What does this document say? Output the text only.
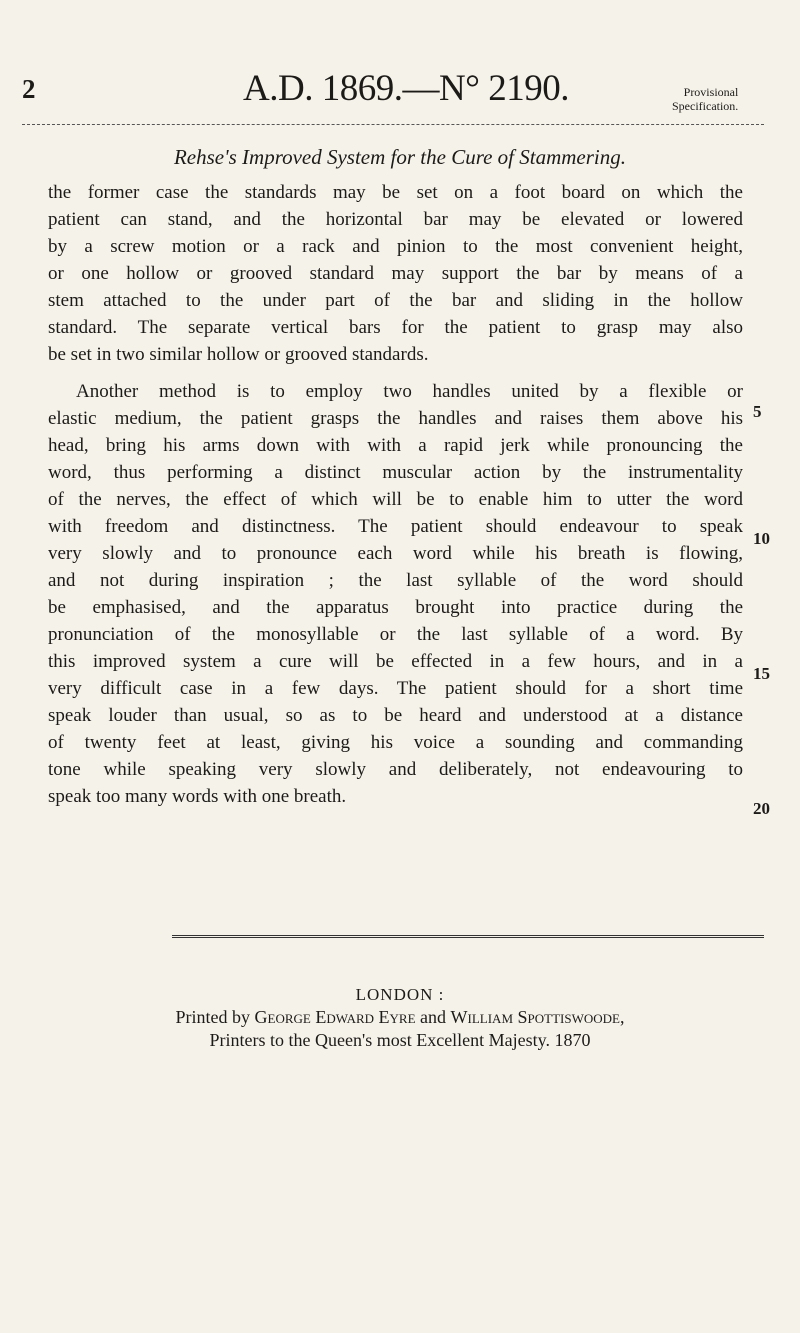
2	A.D. 1869.—N° 2190.	Provisional
Specification.
Rehse's Improved System for the Cure of Stammering.
the former case the standards may be set on a foot board on which the
patient can stand, and the horizontal bar may be elevated or lowered
by a screw motion or a rack and pinion to the most convenient height,
or one hollow or grooved standard may support the bar by means of a
stem attached to the under part of the bar and sliding in the hollow
standard. The separate vertical bars for the patient to grasp may also
be set in two similar hollow or grooved standards.
Another method is to employ two handles united by a flexible or
elastic medium, the patient grasps the handles and raises them above his
head, bring his arms down with with a rapid jerk while pronouncing the
word, thus performing a distinct muscular action by the instrumentality
of the nerves, the effect of which will be to enable him to utter the word
with freedom and distinctness. The patient should endeavour to speak
very slowly and to pronounce each word while his breath is flowing,
and not during inspiration ; the last syllable of the word should
be emphasised, and the apparatus brought into practice during the
pronunciation of the monosyllable or the last syllable of a word. By
this improved system a cure will be effected in a few hours, and in a
very difficult case in a few days. The patient should for a short time
speak louder than usual, so as to be heard and understood at a distance
of twenty feet at least, giving his voice a sounding and commanding
tone while speaking very slowly and deliberately, not endeavouring to
speak too many words with one breath.
5
10
15
20
LONDON :
Printed by George Edward Eyre and William Spottiswoode,
Printers to the Queen's most Excellent Majesty. 1870
